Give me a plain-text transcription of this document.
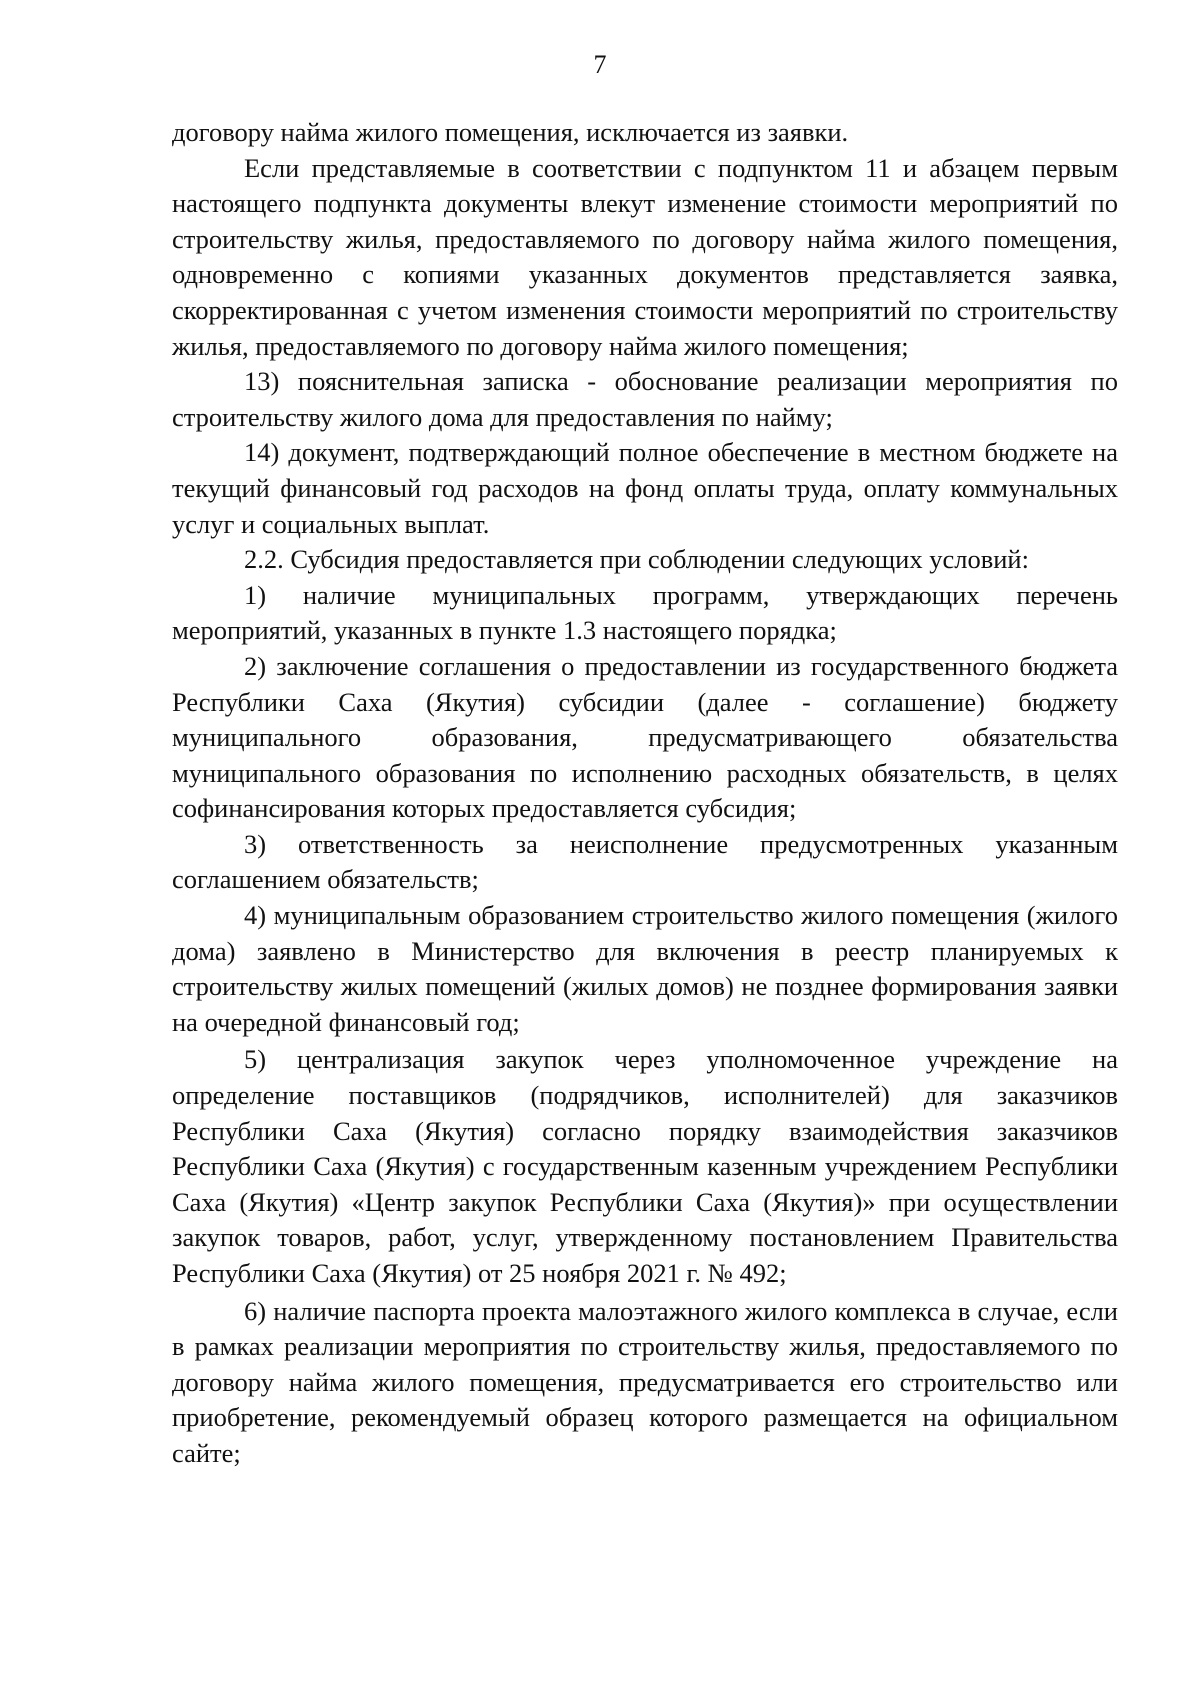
7

договору найма жилого помещения, исключается из заявки.

Если представляемые в соответствии с подпунктом 11 и абзацем первым настоящего подпункта документы влекут изменение стоимости мероприятий по строительству жилья, предоставляемого по договору найма жилого помещения, одновременно с копиями указанных документов представляется заявка, скорректированная с учетом изменения стоимости мероприятий по строительству жилья, предоставляемого по договору найма жилого помещения;

13) пояснительная записка - обоснование реализации мероприятия по строительству жилого дома для предоставления по найму;

14) документ, подтверждающий полное обеспечение в местном бюджете на текущий финансовый год расходов на фонд оплаты труда, оплату коммунальных услуг и социальных выплат.

2.2. Субсидия предоставляется при соблюдении следующих условий:

1) наличие муниципальных программ, утверждающих перечень мероприятий, указанных в пункте 1.3 настоящего порядка;

2) заключение соглашения о предоставлении из государственного бюджета Республики Саха (Якутия) субсидии (далее - соглашение) бюджету муниципального образования, предусматривающего обязательства муниципального образования по исполнению расходных обязательств, в целях софинансирования которых предоставляется субсидия;

3) ответственность за неисполнение предусмотренных указанным соглашением обязательств;

4) муниципальным образованием строительство жилого помещения (жилого дома) заявлено в Министерство для включения в реестр планируемых к строительству жилых помещений (жилых домов) не позднее формирования заявки на очередной финансовый год;

5) централизация закупок через уполномоченное учреждение на определение поставщиков (подрядчиков, исполнителей) для заказчиков Республики Саха (Якутия) согласно порядку взаимодействия заказчиков Республики Саха (Якутия) с государственным казенным учреждением Республики Саха (Якутия) «Центр закупок Республики Саха (Якутия)» при осуществлении закупок товаров, работ, услуг, утвержденному постановлением Правительства Республики Саха (Якутия) от 25 ноября 2021 г. № 492;

6) наличие паспорта проекта малоэтажного жилого комплекса в случае, если в рамках реализации мероприятия по строительству жилья, предоставляемого по договору найма жилого помещения, предусматривается его строительство или приобретение, рекомендуемый образец которого размещается на официальном сайте;
